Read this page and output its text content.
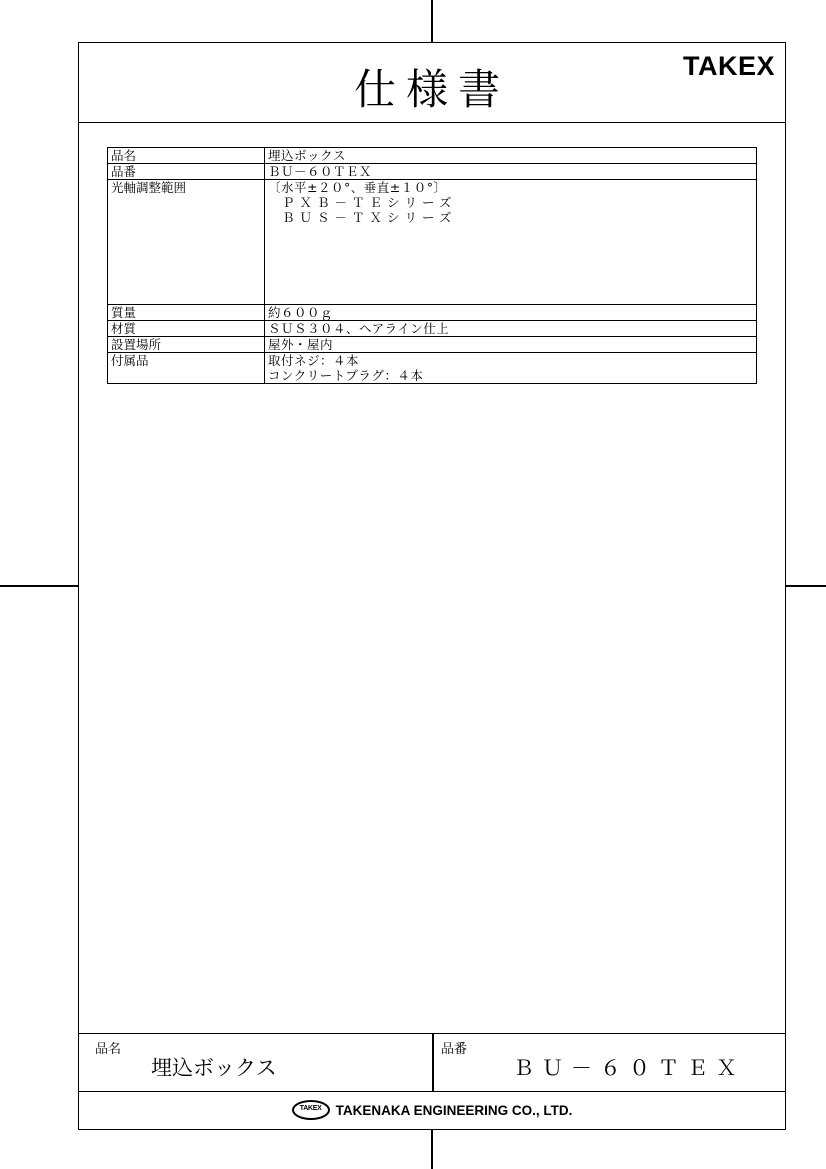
仕様書	TAKEX
品名	埋込ボックス
品番	ＢＵ－６０ＴＥＸ
光軸調整範囲	〔水平±２０°、垂直±１０°〕
ＰＸＢ－ＴＥシリーズ
ＢＵＳ－ＴＸシリーズ

質量	約６００ｇ
材質	ＳＵＳ３０４、ヘアライン仕上
設置場所	屋外・屋内
付属品	取付ネジ：４本
コンクリートプラグ：４本
品名
埋込ボックス
品番
ＢＵ－６０ＴＥＸ
TAKEX	TAKENAKA ENGINEERING CO., LTD.
